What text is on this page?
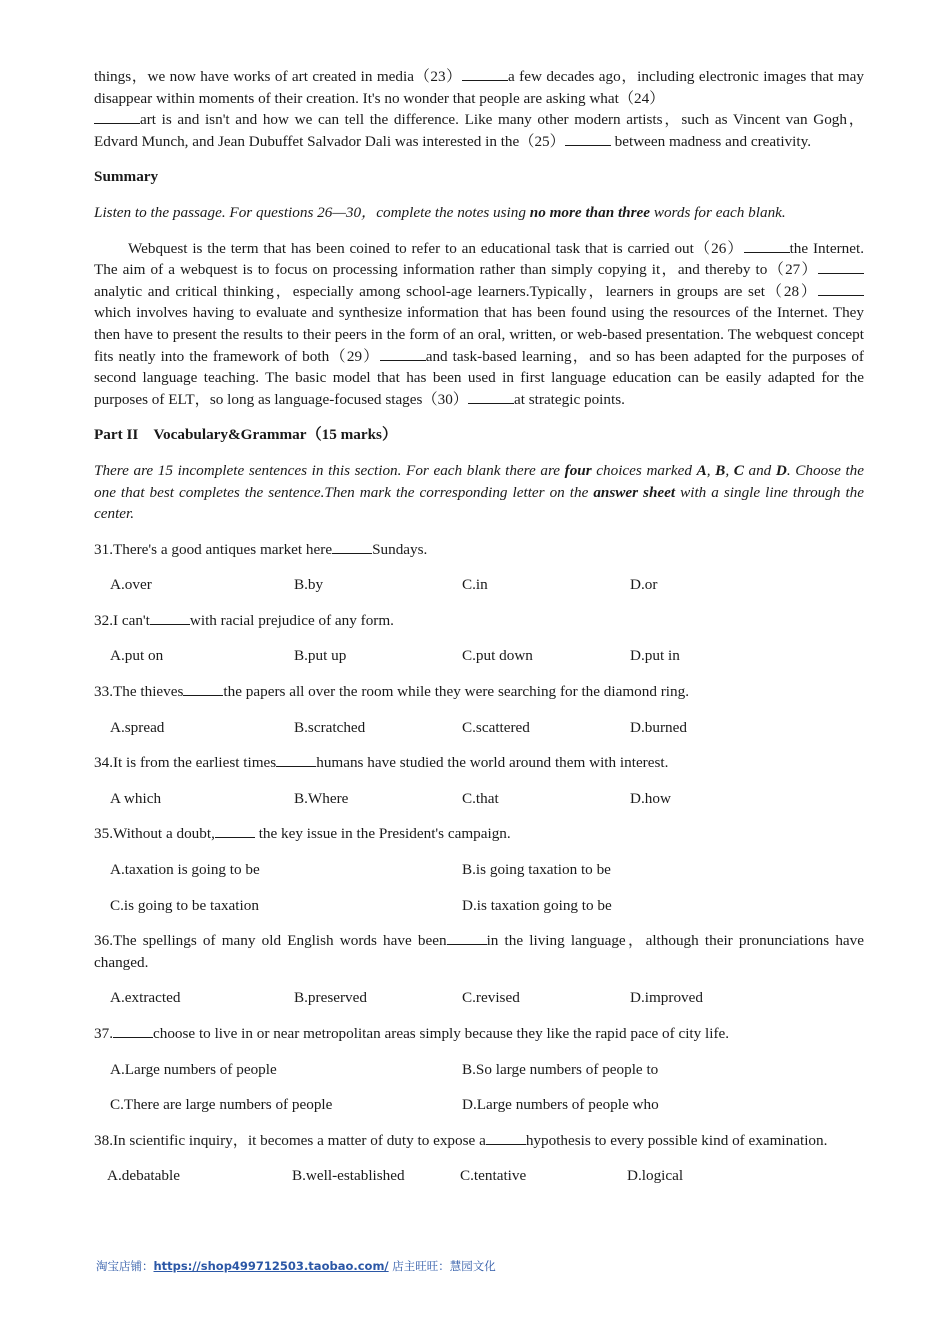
things，we now have works of art created in media（23）	a few decades ago，including electronic images that may disappear within moments of their creation. It's no wonder that people are asking what（24）
art is and isn't and how we can tell the difference. Like many other modern artists，such as Vincent van Gogh，Edvard Munch, and Jean Dubuffet Salvador Dali was interested in the（25）	between madness and creativity.

Summary

Listen to the passage. For questions 26—30，complete the notes using no more than three words for each blank.

Webquest is the term that has been coined to refer to an educational task that is carried out（26）	the Internet. The aim of a webquest is to focus on processing information rather than simply copying it，and thereby to（27）analytic and critical thinking，especially among school-age learners.Typically，learners in groups are set（28）which involves having to evaluate and synthesize information that has been found using the resources of the Internet. They then have to present the results to their peers in the form of an oral, written, or web-based presentation. The webquest concept fits neatly into the framework of both（29）	and task-based learning，and so has been adapted for the purposes of second language teaching. The basic model that has been used in first language education can be easily adapted for the purposes of ELT，so long as language-focused stages（30）	at strategic points.

Part II　Vocabulary&Grammar（15 marks）

There are 15 incomplete sentences in this section. For each blank there are four choices marked A, B, C and D. Choose the one that best completes the sentence.Then mark the corresponding letter on the answer sheet with a single line through the center.

31.There's a good antiques market here	Sundays.

A.over	B.by	C.in	D.or

32.I can't	with racial prejudice of any form.

A.put on	B.put up	C.put down	D.put in

33.The thieves	the papers all over the room while they were searching for the diamond ring.

A.spread	B.scratched	C.scattered	D.burned

34.It is from the earliest times	humans have studied the world around them with interest.

A which	B.Where	C.that	D.how

35.Without a doubt,	the key issue in the President's campaign.

A.taxation is going to be	B.is going taxation to be
C.is going to be taxation	D.is taxation going to be

36.The spellings of many old English words have been	in the living language，although their pronunciations have changed.

A.extracted	B.preserved	C.revised	D.improved

37.	choose to live in or near metropolitan areas simply because they like the rapid pace of city life.

A.Large numbers of people	B.So large numbers of people to
C.There are large numbers of people	D.Large numbers of people who

38.In scientific inquiry，it becomes a matter of duty to expose a	hypothesis to every possible kind of examination.

A.debatable	B.well-established	C.tentative	D.logical
淘宝店铺：https://shop499712503.taobao.com/ 店主旺旺：慧园文化
